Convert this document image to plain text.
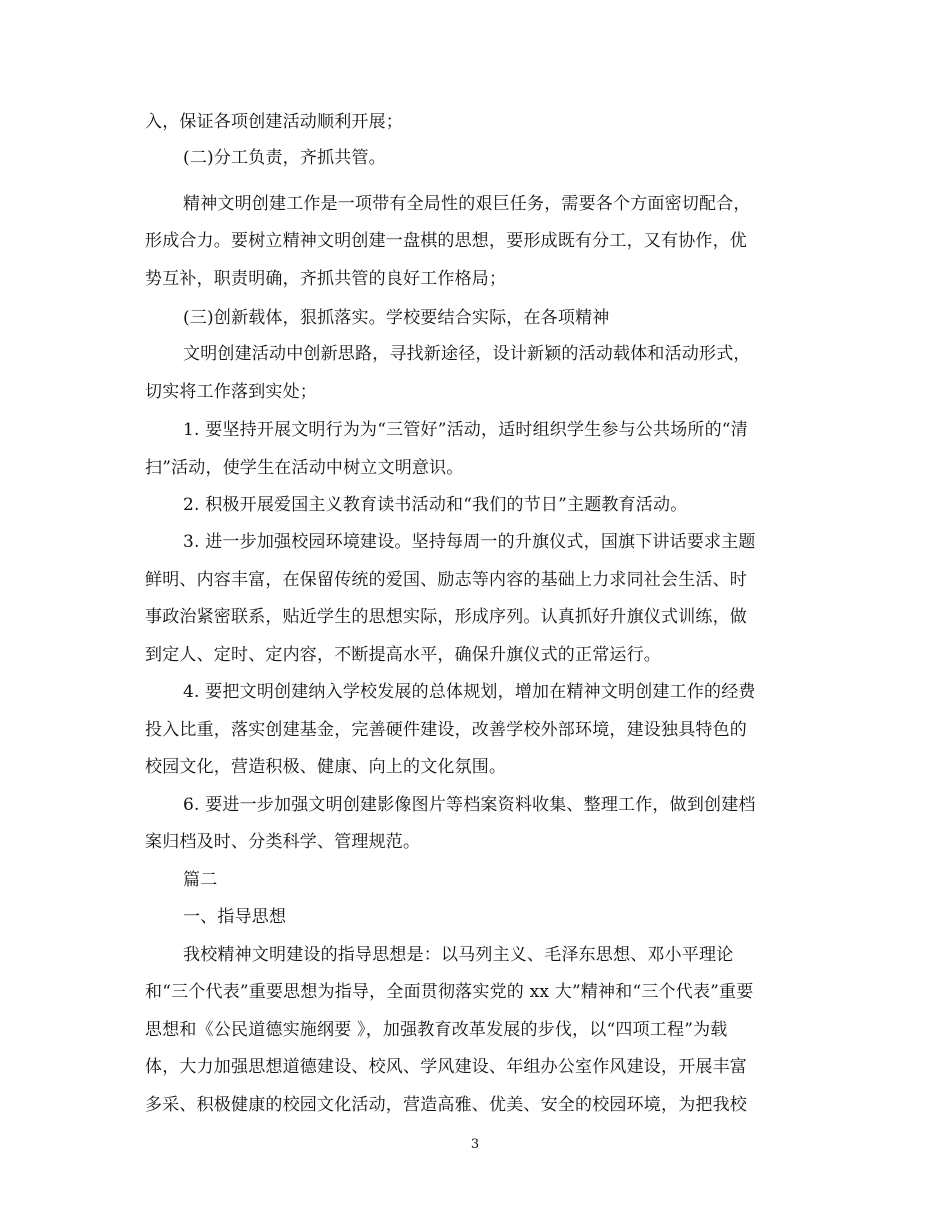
入，保证各项创建活动顺利开展；
(二)分工负责，齐抓共管。
精神文明创建工作是一项带有全局性的艰巨任务，需要各个方面密切配合，
形成合力。要树立精神文明创建一盘棋的思想，要形成既有分工，又有协作，优
势互补，职责明确，齐抓共管的良好工作格局；
(三)创新载体，狠抓落实。学校要结合实际，在各项精神
文明创建活动中创新思路，寻找新途径，设计新颖的活动载体和活动形式，
切实将工作落到实处；
1. 要坚持开展文明行为为“三管好”活动，适时组织学生参与公共场所的“清
扫”活动，使学生在活动中树立文明意识。
2. 积极开展爱国主义教育读书活动和“我们的节日”主题教育活动。
3. 进一步加强校园环境建设。坚持每周一的升旗仪式，国旗下讲话要求主题
鲜明、内容丰富，在保留传统的爱国、励志等内容的基础上力求同社会生活、时
事政治紧密联系，贴近学生的思想实际，形成序列。认真抓好升旗仪式训练，做
到定人、定时、定内容，不断提高水平，确保升旗仪式的正常运行。
4. 要把文明创建纳入学校发展的总体规划，增加在精神文明创建工作的经费
投入比重，落实创建基金，完善硬件建设，改善学校外部环境，建设独具特色的
校园文化，营造积极、健康、向上的文化氛围。
6. 要进一步加强文明创建影像图片等档案资料收集、整理工作，做到创建档
案归档及时、分类科学、管理规范。
篇二
一、指导思想
我校精神文明建设的指导思想是：以马列主义、毛泽东思想、邓小平理论
和“三个代表”重要思想为指导，全面贯彻落实党的 xx 大”精神和“三个代表”重要
思想和《公民道德实施纲要 》，加强教育改革发展的步伐，以“四项工程”为载
体，大力加强思想道德建设、校风、学风建设、年组办公室作风建设，开展丰富
多采、积极健康的校园文化活动，营造高雅、优美、安全的校园环境，为把我校
3
